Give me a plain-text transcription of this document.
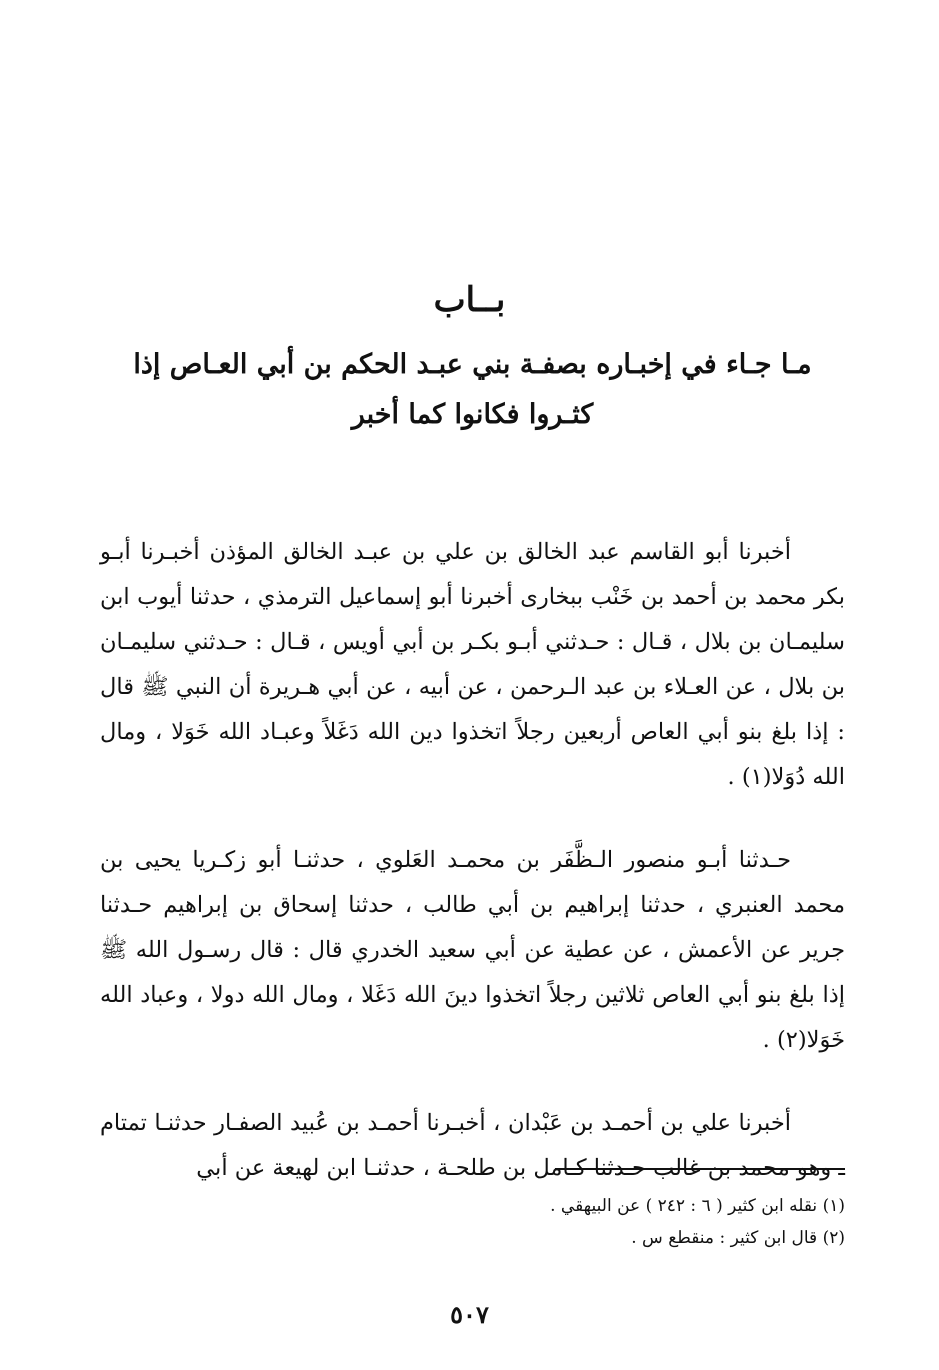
بــاب
مـا جـاء في إخبـاره بصفـة بني عبـد الحكم بن أبي العـاص إذا كثـروا فكانوا كما أخبر

أخبرنا أبو القاسم عبد الخالق بن علي بن عبـد الخالق المؤذن أخبـرنا أبـو بكر محمد بن أحمد بن خَنْب ببخارى أخبرنا أبو إسماعيل الترمذي ، حدثنا أيوب ابن سليمـان بن بلال ، قـال : حـدثني أبـو بكـر بن أبي أويس ، قـال : حـدثني سليمـان بن بلال ، عن العـلاء بن عبد الـرحمن ، عن أبيه ، عن أبي هـريرة أن النبي ﷺ قال : إذا بلغ بنو أبي العاص أربعين رجلاً اتخذوا دين الله دَغَلاً وعبـاد الله خَوَلا ، ومال الله دُوَلا(١) .

حـدثنا أبـو منصور الـظَّفَر بن محمـد العَلوي ، حدثنـا أبو زكـريا يحيى بن محمد العنبري ، حدثنا إبراهيم بن أبي طالب ، حدثنا إسحاق بن إبراهيم حـدثنا جرير عن الأعمش ، عن عطية عن أبي سعيد الخدري قال : قال رسـول الله ﷺ إذا بلغ بنو أبي العاص ثلاثين رجلاً اتخذوا دينَ الله دَغَلا ، ومال الله دولا ، وعباد الله خَوَلا(٢) .

أخبرنا علي بن أحمـد بن عَبْدان ، أخبـرنا أحمـد بن عُبيد الصفـار حدثنـا تمتام ـ وهو محمد بن غالب حـدثنا كـامل بن طلحـة ، حدثنـا ابن لهيعة عن أبي

(١) نقله ابن كثير ( ٦ : ٢٤٢ ) عن البيهقي .

(٢) قال ابن كثير : منقطع س .

٥٠٧
